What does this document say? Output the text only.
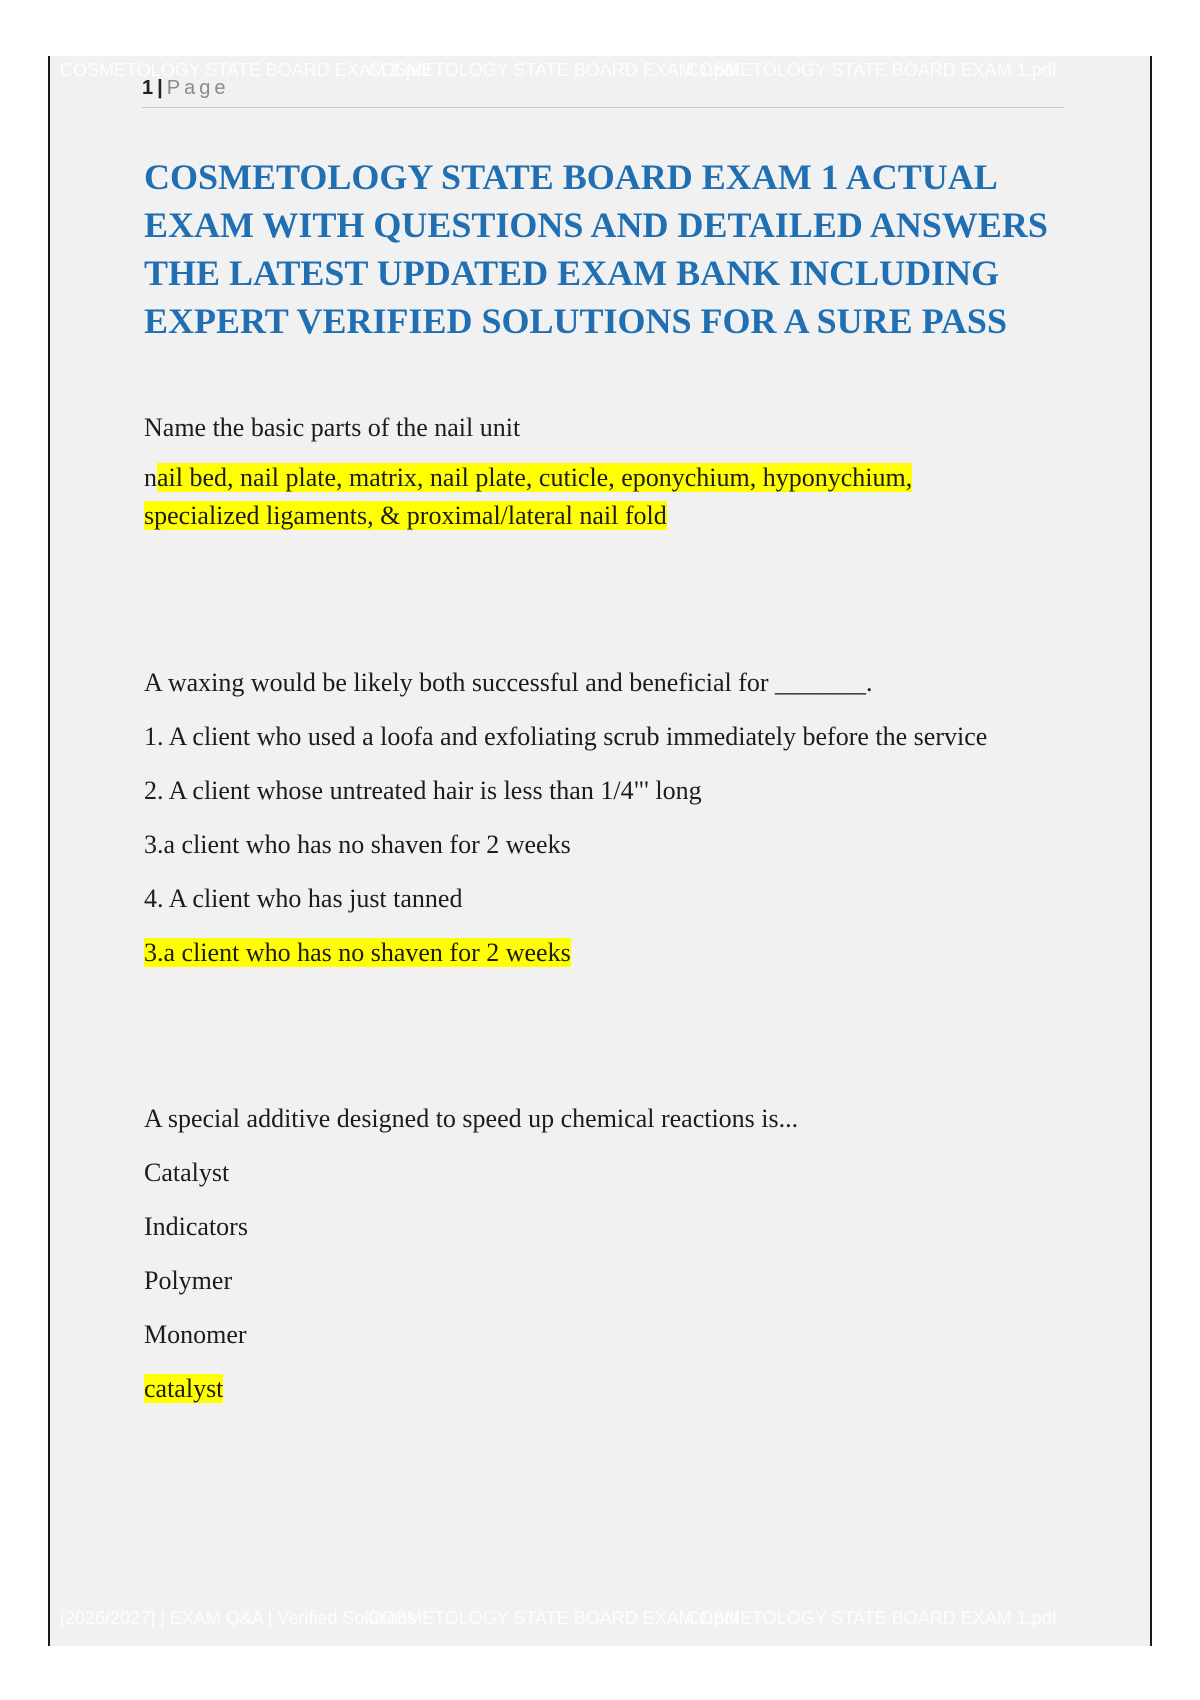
COSMETOLOGY STATE BOARD EXAM 1.pdf
COSMETOLOGY STATE BOARD EXAM 1.pdf
COSMETOLOGY STATE BOARD EXAM 1.pdf
1 | Page
COSMETOLOGY STATE BOARD EXAM 1 ACTUAL EXAM WITH QUESTIONS AND DETAILED ANSWERS THE LATEST UPDATED EXAM BANK INCLUDING EXPERT VERIFIED SOLUTIONS FOR A SURE PASS
Name the basic parts of the nail unit
nail bed, nail plate, matrix, nail plate, cuticle, eponychium, hyponychium,
specialized ligaments, & proximal/lateral nail fold
A waxing would be likely both successful and beneficial for _______.
1. A client who used a loofa and exfoliating scrub immediately before the service
2. A client whose untreated hair is less than 1/4"' long
3.a client who has no shaven for 2 weeks
4. A client who has just tanned
3.a client who has no shaven for 2 weeks
A special additive designed to speed up chemical reactions is...
Catalyst
Indicators
Polymer
Monomer
catalyst
[2026/2027] | EXAM Q&A | Verified Solutions
COSMETOLOGY STATE BOARD EXAM 1.pdf
COSMETOLOGY STATE BOARD EXAM 1.pdf
